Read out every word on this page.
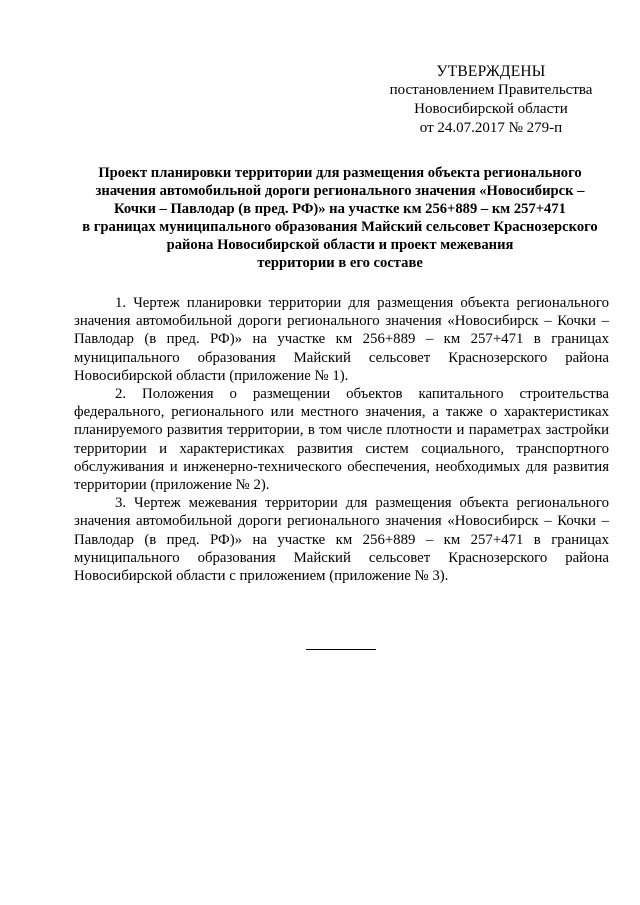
УТВЕРЖДЕНЫ
постановлением Правительства
Новосибирской области
от 24.07.2017 № 279-п
Проект планировки территории для размещения объекта регионального
значения автомобильной дороги регионального значения «Новосибирск –
Кочки – Павлодар (в пред. РФ)» на участке км 256+889 – км 257+471
в границах муниципального образования Майский сельсовет Краснозерского
района Новосибирской области и проект межевания
территории в его составе

1. Чертеж планировки территории для размещения объекта регионального значения автомобильной дороги регионального значения «Новосибирск – Кочки – Павлодар (в пред. РФ)» на участке км 256+889 – км 257+471 в границах муниципального образования Майский сельсовет Краснозерского района Новосибирской области (приложение № 1).

2. Положения о размещении объектов капитального строительства федерального, регионального или местного значения, а также о характеристиках планируемого развития территории, в том числе плотности и параметрах застройки территории и характеристиках развития систем социального, транспортного обслуживания и инженерно-технического обеспечения, необходимых для развития территории (приложение № 2).

3. Чертеж межевания территории для размещения объекта регионального значения автомобильной дороги регионального значения «Новосибирск – Кочки – Павлодар (в пред. РФ)» на участке км 256+889 – км 257+471 в границах муниципального образования Майский сельсовет Краснозерского района Новосибирской области с приложением (приложение № 3).
